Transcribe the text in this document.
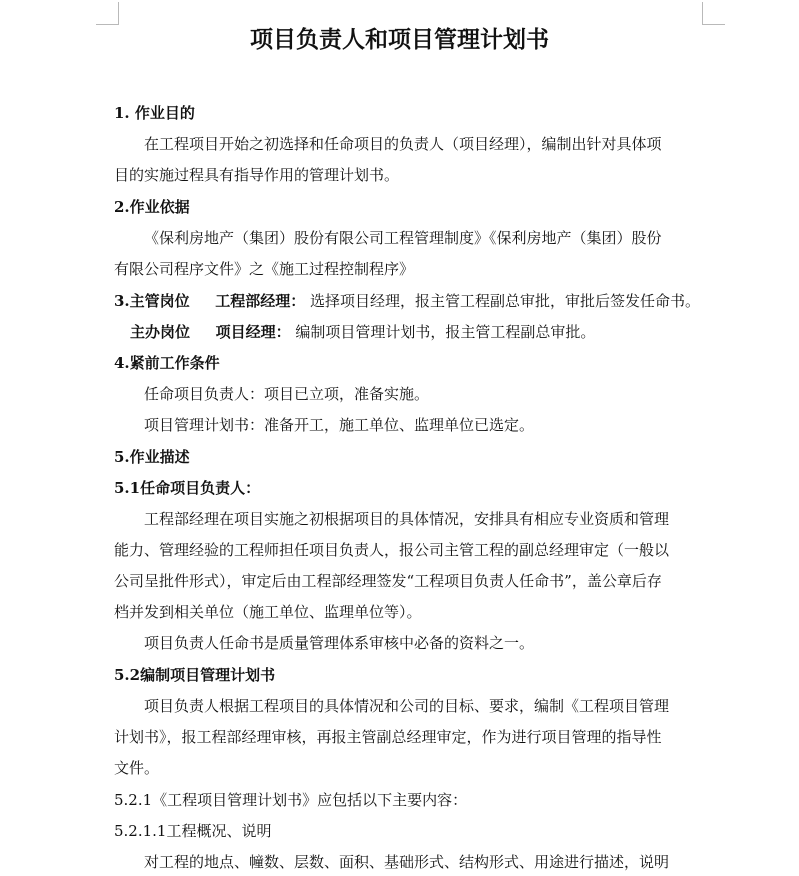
项目负责人和项目管理计划书
1. 作业目的
在工程项目开始之初选择和任命项目的负责人（项目经理），编制出针对具体项
目的实施过程具有指导作用的管理计划书。
2.作业依据
《保利房地产（集团）股份有限公司工程管理制度》《保利房地产（集团）股份
有限公司程序文件》之《施工过程控制程序》
3.主管岗位 工程部经理： 选择项目经理，报主管工程副总审批，审批后签发任命书。
主办岗位 项目经理： 编制项目管理计划书，报主管工程副总审批。
4.紧前工作条件
任命项目负责人：项目已立项，准备实施。
项目管理计划书：准备开工，施工单位、监理单位已选定。
5.作业描述
5.1任命项目负责人：
工程部经理在项目实施之初根据项目的具体情况，安排具有相应专业资质和管理
能力、管理经验的工程师担任项目负责人，报公司主管工程的副总经理审定（一般以
公司呈批件形式），审定后由工程部经理签发“工程项目负责人任命书”，盖公章后存
档并发到相关单位（施工单位、监理单位等）。
项目负责人任命书是质量管理体系审核中必备的资料之一。
5.2编制项目管理计划书
项目负责人根据工程项目的具体情况和公司的目标、要求，编制《工程项目管理
计划书》，报工程部经理审核，再报主管副总经理审定，作为进行项目管理的指导性
文件。
5.2.1《工程项目管理计划书》应包括以下主要内容：
5.2.1.1工程概况、说明
对工程的地点、幢数、层数、面积、基础形式、结构形式、用途进行描述，说明
